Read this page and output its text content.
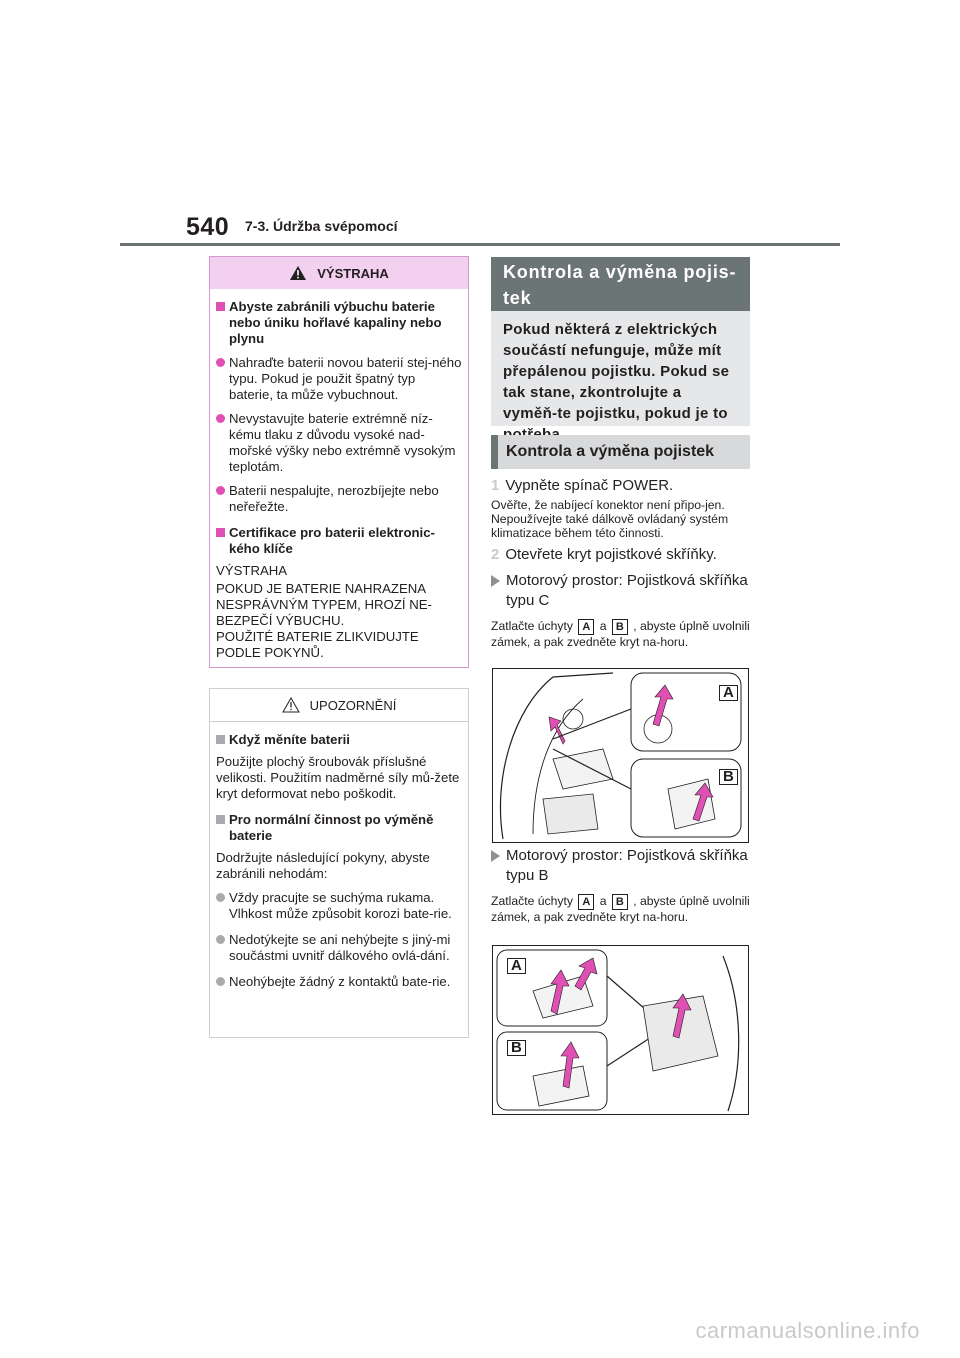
540 7-3. Údržba svépomocí
VÝSTRAHA
Abyste zabránili výbuchu baterie nebo úniku hořlavé kapaliny nebo plynu
Nahraďte baterii novou baterií stej-ného typu. Pokud je použit špatný typ baterie, ta může vybuchnout.
Nevystavujte baterie extrémně níz-kému tlaku z důvodu vysoké nad-mořské výšky nebo extrémně vysokým teplotám.
Baterii nespalujte, nerozbíjejte nebo neřeřežte.
Certifikace pro baterii elektronic-kého klíče
VÝSTRAHA
POKUD JE BATERIE NAHRAZENA NESPRÁVNÝM TYPEM, HROZÍ NE-BEZPEČÍ VÝBUCHU.
POUŽITÉ BATERIE ZLIKVIDUJTE PODLE POKYNŮ.
UPOZORNĚNÍ
Když měníte baterii
Použijte plochý šroubovák příslušné velikosti. Použitím nadměrné síly mů-žete kryt deformovat nebo poškodit.
Pro normální činnost po výměně baterie
Dodržujte následující pokyny, abyste zabránili nehodám:
Vždy pracujte se suchýma rukama. Vlhkost může způsobit korozi bate-rie.
Nedotýkejte se ani nehýbejte s jiný-mi součástmi uvnitř dálkového ovlá-dání.
Neohýbejte žádný z kontaktů bate-rie.
Kontrola a výměna pojis-tek
Pokud některá z elektrických součástí nefunguje, může mít přepálenou pojistku. Pokud se tak stane, zkontrolujte a vyměň-te pojistku, pokud je to
Kontrola a výměna pojistek
1 Vypněte spínač POWER.
Ověřte, že nabíjecí konektor není připo-jen. Nepoužívejte také dálkově ovládaný systém klimatizace během této činnosti.
2 Otevřete kryt pojistkové skříňky.
Motorový prostor: Pojistková skříňka typu C
Zatlačte úchyty A a B , abyste úplně uvolnili zámek, a pak zvedněte kryt na-horu.
A
B
Motorový prostor: Pojistková skříňka typu B
Zatlačte úchyty A a B , abyste úplně uvolnili zámek, a pak zvedněte kryt na-horu.
A
B
carmanualsonline.info
